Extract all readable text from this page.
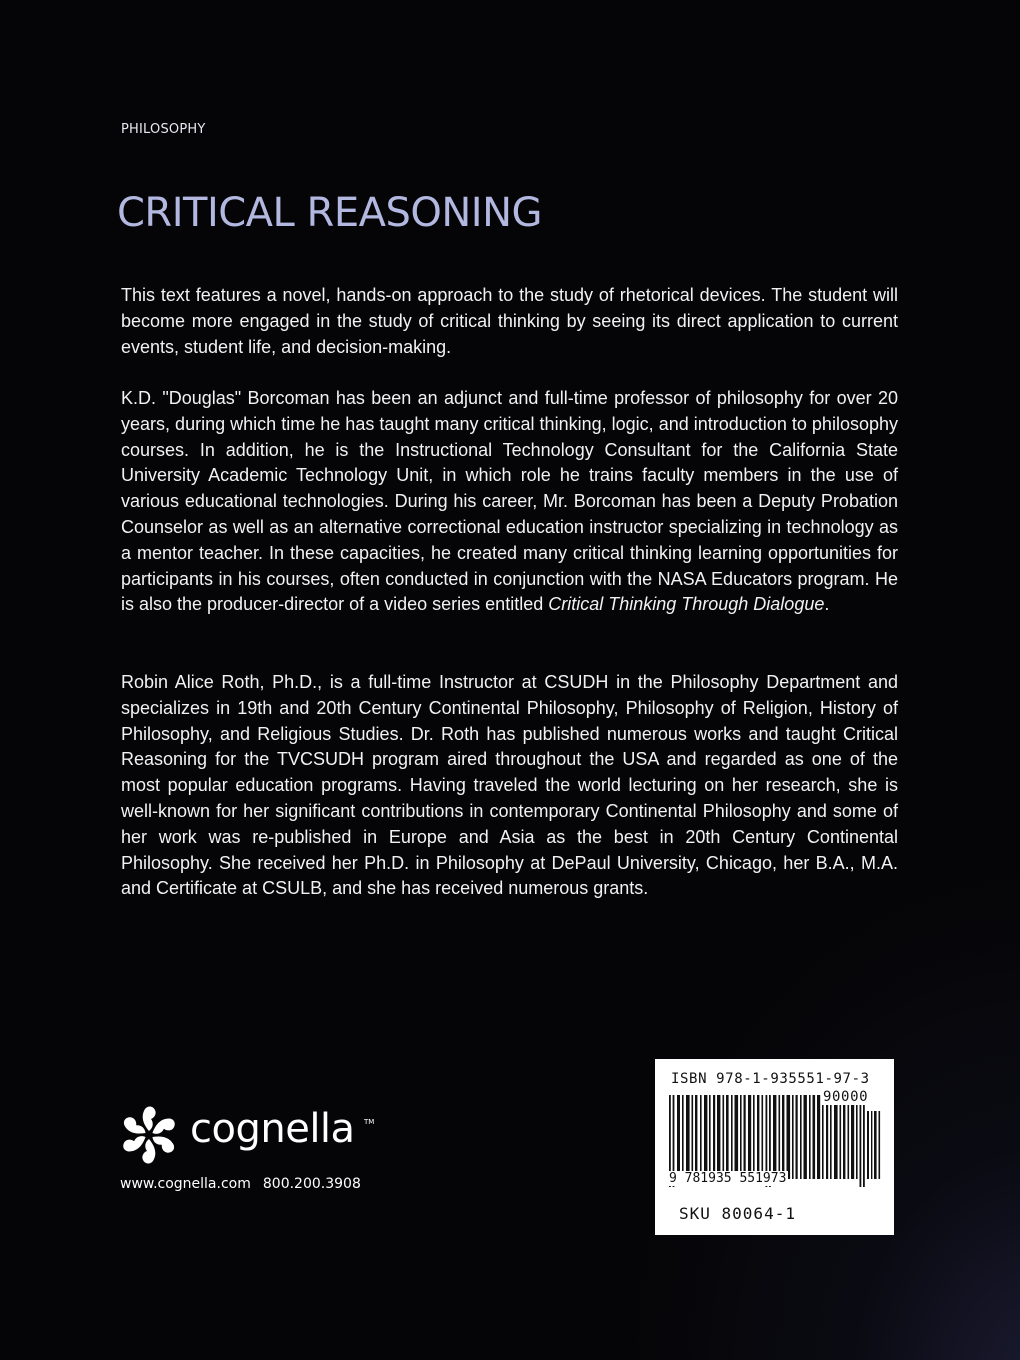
PHILOSOPHY
CRITICAL REASONING

This text features a novel, hands-on approach to the study of rhetorical devices. The student will become more engaged in the study of critical thinking by seeing its direct application to current events, student life, and decision-making.

K.D. "Douglas" Borcoman has been an adjunct and full-time professor of philosophy for over 20 years, during which time he has taught many critical thinking, logic, and introduction to philosophy courses. In addition, he is the Instructional Technology Consultant for the California State University Academic Technology Unit, in which role he trains faculty members in the use of various educational technologies. During his career, Mr. Borcoman has been a Deputy Probation Counselor as well as an alternative correctional education instructor specializing in technology as a mentor teacher. In these capacities, he created many critical thinking learning opportunities for participants in his courses, often conducted in conjunction with the NASA Educators program. He is also the producer-director of a video series entitled Critical Thinking Through Dialogue.

Robin Alice Roth, Ph.D., is a full-time Instructor at CSUDH in the Philosophy Department and specializes in 19th and 20th Century Continental Philosophy, Philosophy of Religion, History of Philosophy, and Religious Studies. Dr. Roth has published numerous works and taught Critical Reasoning for the TVCSUDH program aired throughout the USA and regarded as one of the most popular education programs. Having traveled the world lecturing on her research, she is well-known for her significant contributions in contemporary Continental Philosophy and some of her work was re-published in Europe and Asia as the best in 20th Century Continental Philosophy. She received her Ph.D. in Philosophy at DePaul University, Chicago, her B.A., M.A. and Certificate at CSULB, and she has received numerous grants.

cognella TM
www.cognella.com 800.200.3908
ISBN 978-1-935551-97-3
90000
9 781935 551973
SKU 80064-1
